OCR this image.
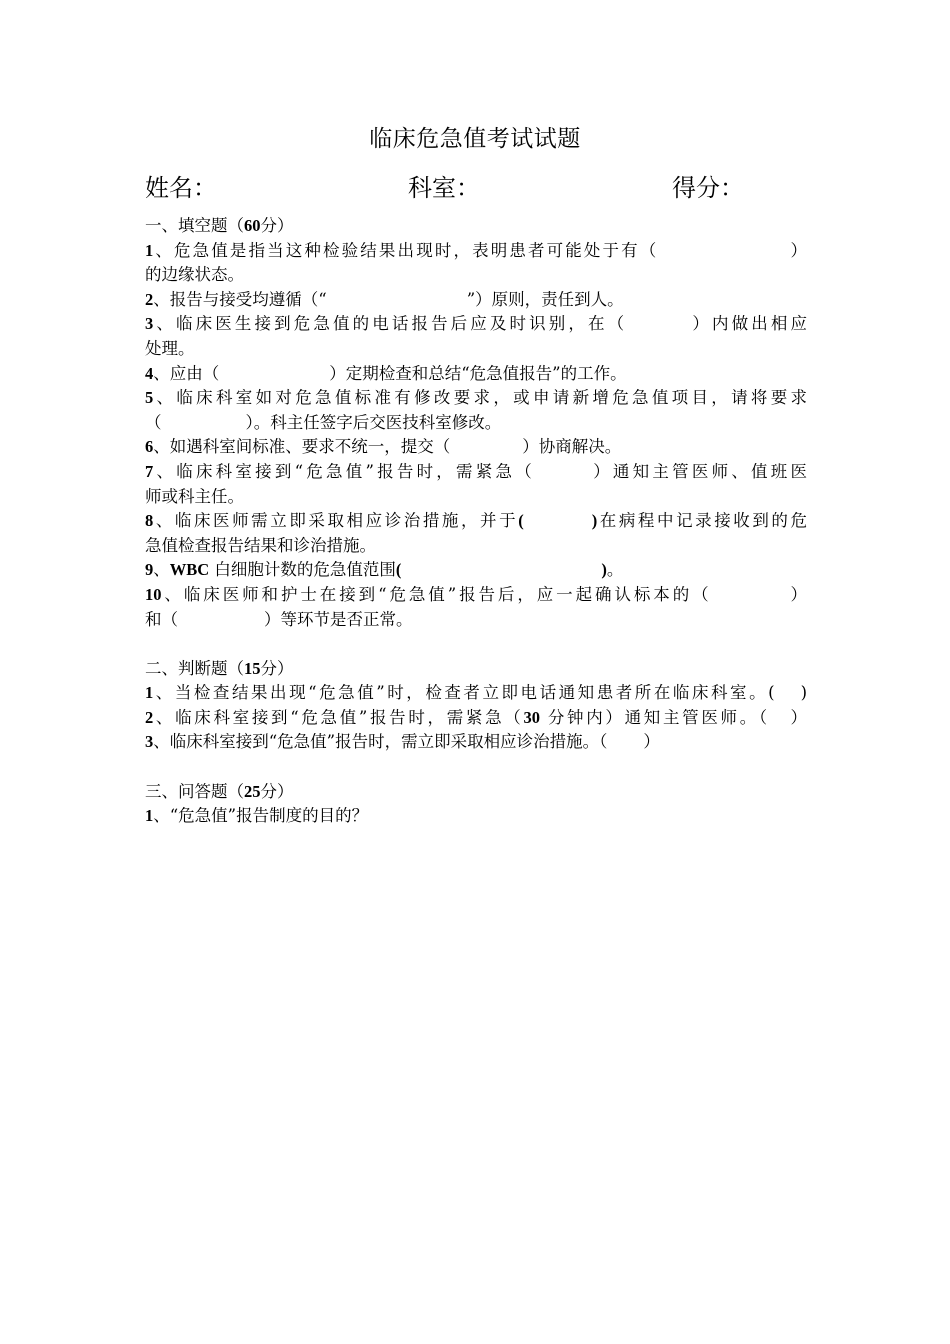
临床危急值考试试题
姓名：	科室：	得分：
一、填空题（60分）
1、危急值是指当这种检验结果出现时，表明患者可能处于有（	）
的边缘状态。
2、报告与接受均遵循（“	”）原则，责任到人。
3、临床医生接到危急值的电话报告后应及时识别，在（	）内做出相应
处理。
4、应由（	）定期检查和总结“危急值报告”的工作。
5、临床科室如对危急值标准有修改要求，或申请新增危急值项目，请将要求
（	）。科主任签字后交医技科室修改。
6、如遇科室间标准、要求不统一，提交（	）协商解决。
7、临床科室接到“危急值”报告时，需紧急（	）通知主管医师、值班医
师或科主任。
8、临床医师需立即采取相应诊治措施，并于(	)在病程中记录接收到的危
急值检查报告结果和诊治措施。
9、WBC 白细胞计数的危急值范围(	)。
10、临床医师和护士在接到“危急值”报告后，应一起确认标本的（	）
和（	）等环节是否正常。
二、判断题（15分）
1、当检查结果出现“危急值”时，检查者立即电话通知患者所在临床科室。( )
2、临床科室接到“危急值”报告时，需紧急（30 分钟内）通知主管医师。（ ）
3、临床科室接到“危急值”报告时，需立即采取相应诊治措施。（ ）
三、问答题（25分）
1、“危急值”报告制度的目的？
